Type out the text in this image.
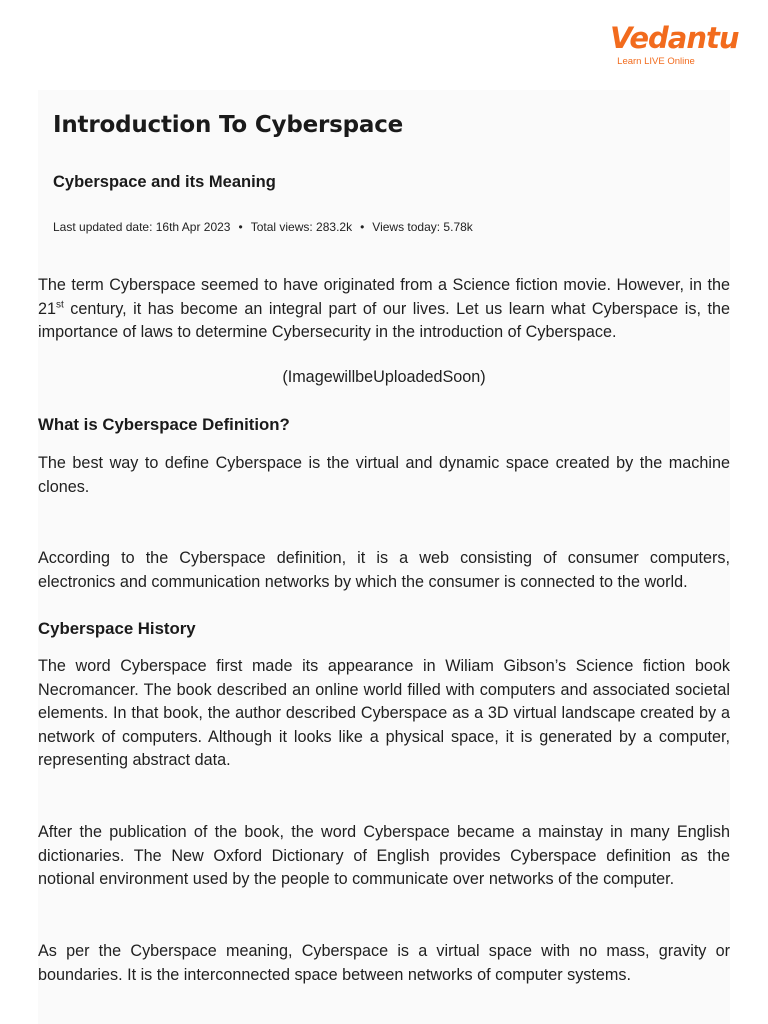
Vedantu
Learn LIVE Online
Introduction To Cyberspace
Cyberspace and its Meaning
Last updated date: 16th Apr 2023 • Total views: 283.2k • Views today: 5.78k

The term Cyberspace seemed to have originated from a Science fiction movie. However, in the 21st century, it has become an integral part of our lives. Let us learn what Cyberspace is, the importance of laws to determine Cybersecurity in the introduction of Cyberspace.

(ImagewillbeUploadedSoon)
What is Cyberspace Definition?

The best way to define Cyberspace is the virtual and dynamic space created by the machine clones.

According to the Cyberspace definition, it is a web consisting of consumer computers, electronics and communication networks by which the consumer is connected to the world.

Cyberspace History

The word Cyberspace first made its appearance in Wiliam Gibson’s Science fiction book Necromancer. The book described an online world filled with computers and associated societal elements. In that book, the author described Cyberspace as a 3D virtual landscape created by a network of computers. Although it looks like a physical space, it is generated by a computer, representing abstract data.

After the publication of the book, the word Cyberspace became a mainstay in many English dictionaries. The New Oxford Dictionary of English provides Cyberspace definition as the notional environment used by the people to communicate over networks of the computer.

As per the Cyberspace meaning, Cyberspace is a virtual space with no mass, gravity or boundaries. It is the interconnected space between networks of computer systems.
